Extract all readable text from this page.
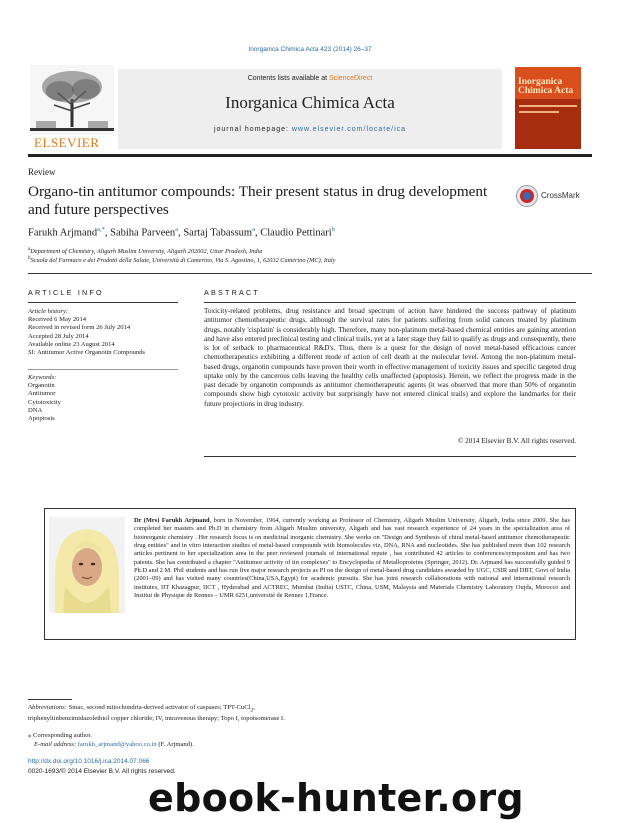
Inorganica Chimica Acta 423 (2014) 26–37
ELSEVIER
Contents lists available at ScienceDirect
Inorganica Chimica Acta
journal homepage: www.elsevier.com/locate/ica
Inorganica
Chimica Acta
Review
Organo-tin antitumor compounds: Their present status in drug development and future perspectives
CrossMark
Farukh Arjmand$^{a,*}$, Sabiha Parveen$^a$, Sartaj Tabassum$^a$, Claudio Pettinari$^b$
$^a$Department of Chemistry, Aligarh Muslim University, Aligarh 202002, Uttar Pradesh, India
$^b$Scuola del Farmaco e dei Prodotti della Salute, Università di Camerino, Via S. Agostino, 1, 62032 Camerino (MC), Italy
ARTICLE INFO	ABSTRACT
Article history:
Received 6 May 2014
Received in revised form 26 July 2014
Accepted 28 July 2014
Available online 23 August 2014
SI: Antitumor Active Organotin Compounds
Keywords:
Organotin
Antitumor
Cytotoxicity
DNA
Apoptosis
Toxicity-related problems, drug resistance and broad spectrum of action have hindered the success pathway of platinum antitumor chemotherapeutic drugs, although the survival rates for patients suffering from solid cancers treated by platinum drugs, notably 'cisplatin' is considerably high. Therefore, many non-platinum metal-based chemical entities are gaining attention and have also entered preclinical testing and clinical trails, yet at a later stage they fail to qualify as drugs and consequently, there is lot of setback to pharmaceutical R&D's. Thus, there is a quest for the design of novel metal-based efficacious cancer chemotherapeutics exhibiting a different mode of action of cell death at the molecular level. Among the non-platinum metal-based drugs, organotin compounds have proven their worth in effective management of toxicity issues and specific targeted drug uptake only by the cancerous cells leaving the healthy cells unaffected (apoptosis). Herein, we reflect the progress made in the past decade by organotin compounds as antitumor chemotherapeutic agents (it was observed that more than 50% of organotin compounds show high cytotoxic activity but surprisingly have not entered clinical trails) and explore the landmarks for their future projections in drug industry.
© 2014 Elsevier B.V. All rights reserved.
Dr (Mrs) Farukh Arjmand, born in November, 1964, currently working as Professor of Chemistry, Aligarh Muslim University, Aligarh, India since 2009. She has completed her masters and Ph.D in chemistry from Aligarh Muslim university, Aligarh and has vast research experience of 24 years in the specialization area of bioinorganic chemistry . Her research focus is on medicinal inorganic chemistry. She works on "Design and Synthesis of chiral metal-based antitumor chemotherapeutic drug entities" and in vitro interaction studies of metal-based compounds with biomolecules viz, DNA, RNA and nucleotides. She has published more than 102 research articles pertinent to her specialization area in the peer reviewed journals of international repute , has contributed 42 articles to conferences/symposium and has two patents. She has contributed a chapter "Antitumor activity of tin complexes" to Encyclopedia of Metalloproteins (Springer, 2012). Dr. Arjmand has successfully guided 9 Ph.D and 2 M. Phil students and has run five major research projects as PI on the design of metal-based drug candidates awarded by UGC, CSIR and DBT, Govt of India (2001–09) and has visited many countries(China,USA,Egypt) for academic pursuits. She has joint research collaborations with national and international research institutes, IIT Khazagpur, IICT , Hyderabad and ACTREC, Mumbai (India) USTC, China, USM, Malaysia and Materials Chemistry Laboratory Oujda, Morocco and Institut de Physique de Rennes – UMR 6251,université de Rennes 1,France.
Abbreviations: Smac, second mitochondria-derived activator of caspases; TPT-CuCl$_2$, triphenyltinbenzimidazolethiol copper chloride; IV, intravenous therapy; Topo I, topoisomerase I.
⁎ Corresponding author.
E-mail address: farukh_arjmand@yahoo.co.in (F. Arjmand).
http://dx.doi.org/10.1016/j.ica.2014.07.066
0020-1693/© 2014 Elsevier B.V. All rights reserved.
ebook-hunter.org
